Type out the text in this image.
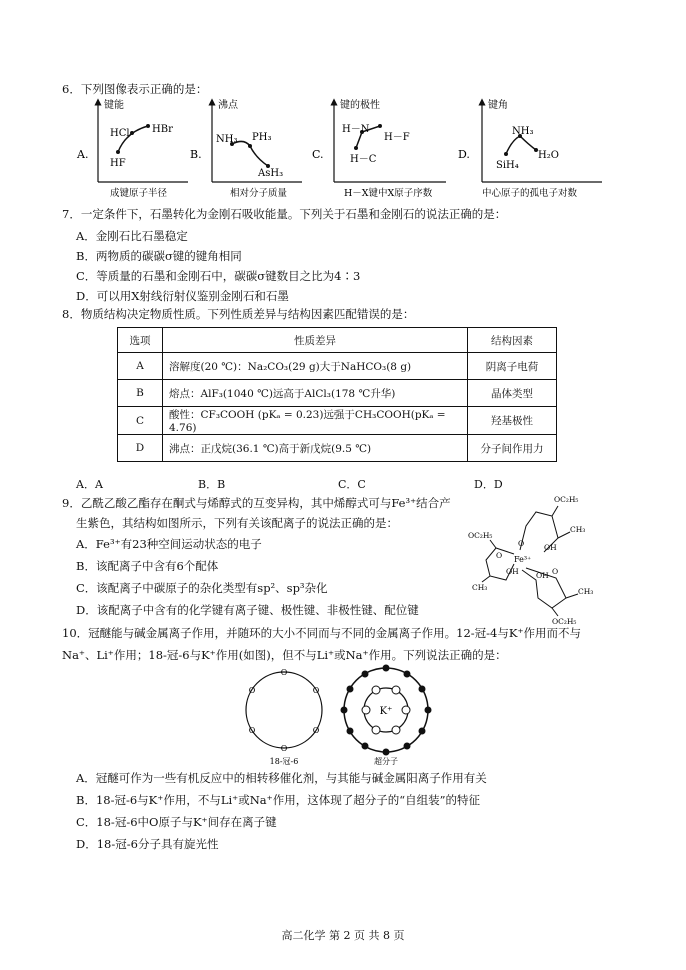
6．下列图像表示正确的是：
A.
键能
成键原子半径
HCl HBr
HF
B.
沸点
相对分子质量
NH₃ PH₃
AsH₃
C.
键的极性
H－X键中X原子序数
H－N
H－F
H－C	D.
键角
中心原子的孤电子对数
NH₃
H₂O
SiH₄
7．一定条件下，石墨转化为金刚石吸收能量。下列关于石墨和金刚石的说法正确的是：
A．金刚石比石墨稳定
B．两物质的碳碳σ键的键角相同
C．等质量的石墨和金刚石中，碳碳σ键数目之比为4∶3
D．可以用X射线衍射仪鉴别金刚石和石墨
8．物质结构决定物质性质。下列性质差异与结构因素匹配错误的是：
选项	性质差异	结构因素
A	溶解度(20 ℃)：Na₂CO₃(29 g)大于NaHCO₃(8 g)	阴离子电荷
B	熔点：AlF₃(1040 ℃)远高于AlCl₃(178 ℃升华)	晶体类型
C	酸性：CF₃COOH (pKₐ = 0.23)远强于CH₃COOH(pKₐ = 4.76)	羟基极性
D	沸点：正戊烷(36.1 ℃)高于新戊烷(9.5 ℃)	分子间作用力
A．A	B．B	C．C	D．D
9．乙酰乙酸乙酯存在酮式与烯醇式的互变异构，其中烯醇式可与Fe³⁺结合产
生紫色，其结构如图所示，下列有关该配离子的说法正确的是：
A．Fe³⁺有23种空间运动状态的电子
B．该配离子中含有6个配体
C．该配离子中碳原子的杂化类型有sp²、sp³杂化
D．该配离子中含有的化学键有离子键、极性键、非极性键、配位键
OC₂H₅
CH₃
OC₂H₅
CH₃	CH₃
OC₂H₅
Fe³⁺
OH
OH OH
O
O
O
10．冠醚能与碱金属离子作用，并随环的大小不同而与不同的金属离子作用。12-冠-4与K⁺作用而不与
Na⁺、Li⁺作用；18-冠-6与K⁺作用(如图)，但不与Li⁺或Na⁺作用。下列说法正确的是：
O
O
O
O
O
O
18-冠-6
K⁺
超分子
A．冠醚可作为一些有机反应中的相转移催化剂，与其能与碱金属阳离子作用有关
B．18-冠-6与K⁺作用，不与Li⁺或Na⁺作用，这体现了超分子的“自组装”的特征
C．18-冠-6中O原子与K⁺间存在离子键
D．18-冠-6分子具有旋光性
高二化学 第 2 页 共 8 页
